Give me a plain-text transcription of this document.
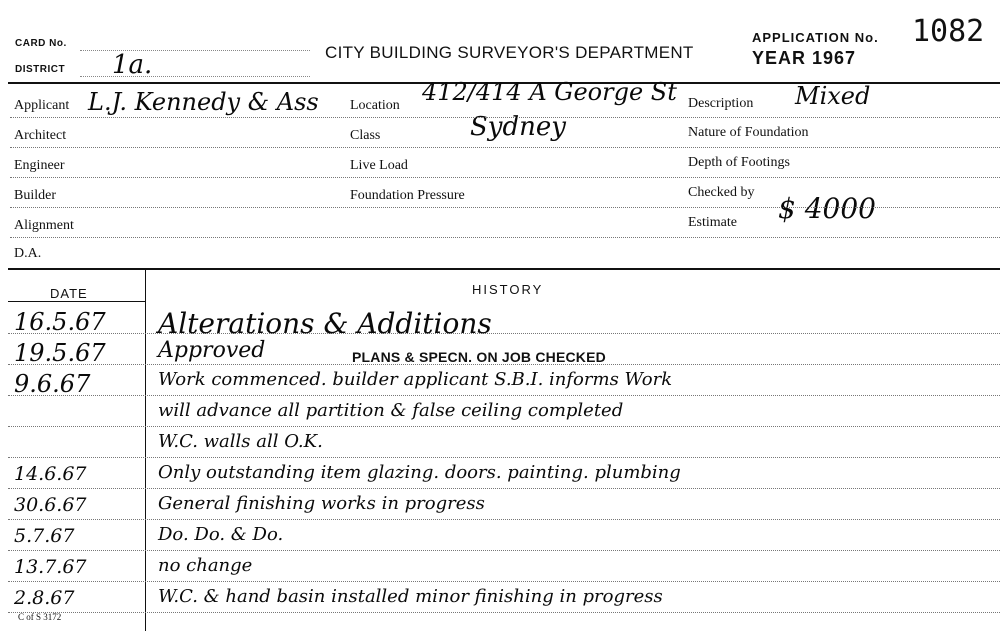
CARD No.
DISTRICT 1a.	CITY BUILDING SURVEYOR'S DEPARTMENT
APPLICATION No. 1082
YEAR 1967
Applicant L.J. Kennedy & Ass
Architect
Engineer
Builder
Alignment
D.A.
Location 412/414 A George St
Sydney
Class
Live Load
Foundation Pressure
Description Mixed
Nature of Foundation
Depth of Footings
Checked by
Estimate $ 4000
DATE	HISTORY
16.5.67 Alterations & Additions
19.5.67 Approved
9.6.67	Work commenced. builder applicant S.B.I. informs Work
will advance all partition & false ceiling completed
W.C. walls all O.K.
14.6.67	Only outstanding item glazing. doors. painting. plumbing
30.6.67	General finishing works in progress
5.7.67	Do. Do. & Do.
13.7.67	no change
2.8.67	W.C. & hand basin installed minor finishing in progress
PLANS & SPECN. ON JOB CHECKED
C of S 3172
